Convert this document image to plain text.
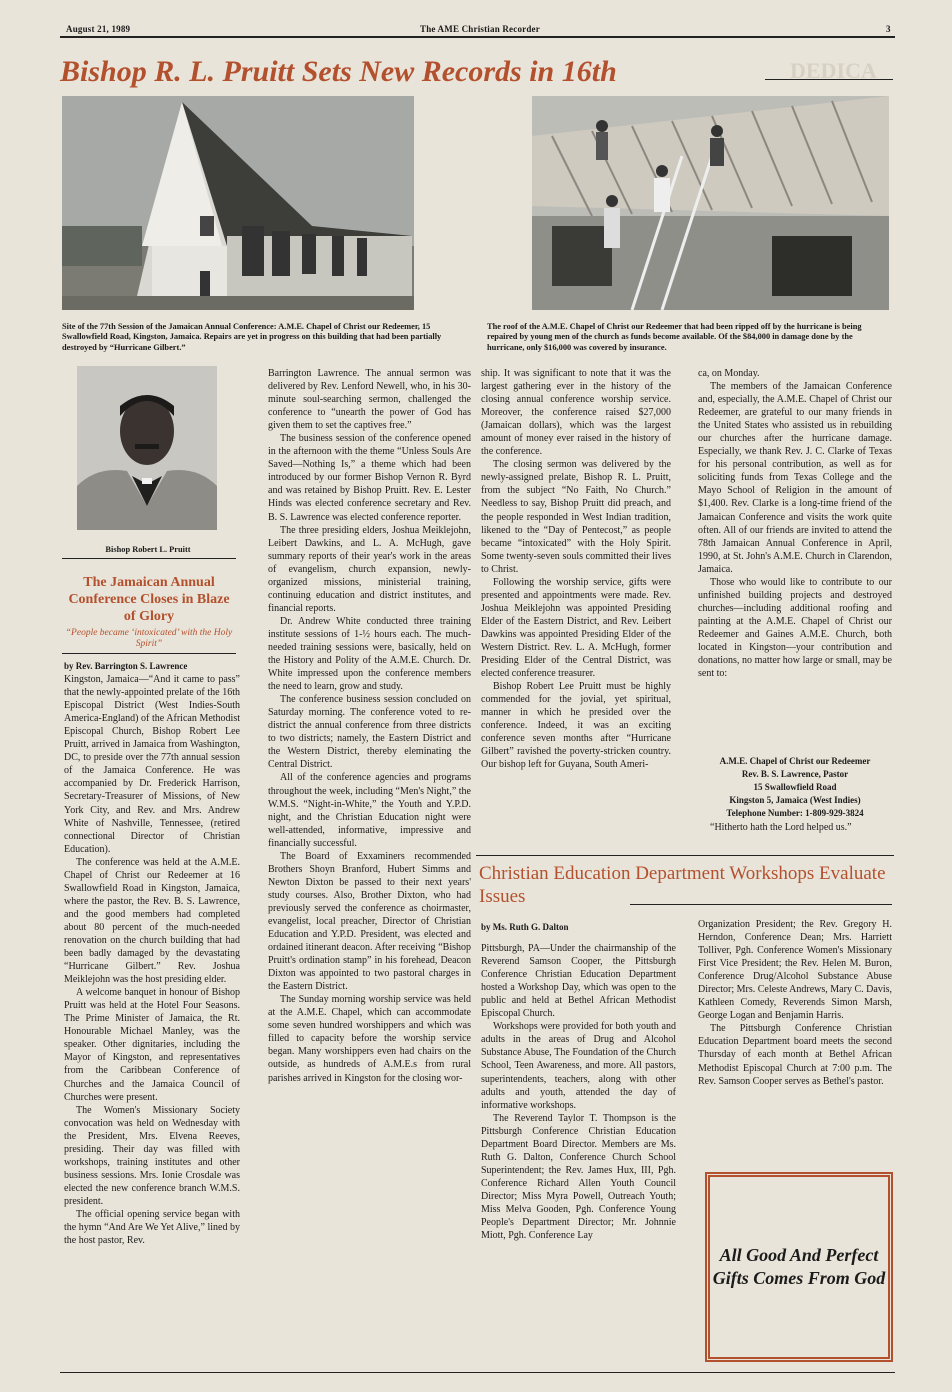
August 21, 1989	The AME Christian Recorder	3
Bishop R. L. Pruitt Sets New Records in 16th	DEDICA
Site of the 77th Session of the Jamaican Annual Conference: A.M.E. Chapel of Christ our Redeemer, 15 Swallowfield Road, Kingston, Jamaica. Repairs are yet in progress on this building that had been partially destroyed by “Hurricane Gilbert.”
The roof of the A.M.E. Chapel of Christ our Redeemer that had been ripped off by the hurricane is being repaired by young men of the church as funds become available. Of the $84,000 in damage done by the hurricane, only $16,000 was covered by insurance.
Bishop Robert L. Pruitt
The Jamaican Annual Conference Closes in Blaze of Glory
“People became ‘intoxicated’ with the Holy Spirit”

by Rev. Barrington S. Lawrence

Kingston, Jamaica—“And it came to pass” that the newly-appointed prelate of the 16th Episcopal District (West Indies-South America-England) of the African Methodist Episcopal Church, Bishop Robert Lee Pruitt, arrived in Jamaica from Washington, DC, to preside over the 77th annual session of the Jamaica Conference. He was accompanied by Dr. Frederick Harrison, Secretary-Treasurer of Missions, of New York City, and Rev. and Mrs. Andrew White of Nashville, Tennessee, (retired connectional Director of Christian Education).

The conference was held at the A.M.E. Chapel of Christ our Redeemer at 16 Swallowfield Road in Kingston, Jamaica, where the pastor, the Rev. B. S. Lawrence, and the good members had completed about 80 percent of the much-needed renovation on the church building that had been badly damaged by the devastating “Hurricane Gilbert.” Rev. Joshua Meiklejohn was the host presiding elder.

A welcome banquet in honour of Bishop Pruitt was held at the Hotel Four Seasons. The Prime Minister of Jamaica, the Rt. Honourable Michael Manley, was the speaker. Other dignitaries, including the Mayor of Kingston, and representatives from the Caribbean Conference of Churches and the Jamaica Council of Churches were present.

The Women's Missionary Society convocation was held on Wednesday with the President, Mrs. Elvena Reeves, presiding. Their day was filled with workshops, training institutes and other business sessions. Mrs. Ionie Crosdale was elected the new conference branch W.M.S. president.

The official opening service began with the hymn “And Are We Yet Alive,” lined by the host pastor, Rev.

Barrington Lawrence. The annual sermon was delivered by Rev. Lenford Newell, who, in his 30-minute soul-searching sermon, challenged the conference to “unearth the power of God has given them to set the captives free.”

The business session of the conference opened in the afternoon with the theme “Unless Souls Are Saved—Nothing Is,” a theme which had been introduced by our former Bishop Vernon R. Byrd and was retained by Bishop Pruitt. Rev. E. Lester Hinds was elected conference secretary and Rev. B. S. Lawrence was elected conference reporter.

The three presiding elders, Joshua Meiklejohn, Leibert Dawkins, and L. A. McHugh, gave summary reports of their year's work in the areas of evangelism, church expansion, newly-organized missions, ministerial training, continuing education and district institutes, and financial reports.

Dr. Andrew White conducted three training institute sessions of 1-½ hours each. The much-needed training sessions were, basically, held on the History and Polity of the A.M.E. Church. Dr. White impressed upon the conference members the need to learn, grow and study.

The conference business session concluded on Saturday morning. The conference voted to re-district the annual conference from three districts to two districts; namely, the Eastern District and the Western District, thereby eleminating the Central District.

All of the conference agencies and programs throughout the week, including “Men's Night,” the W.M.S. “Night-in-White,” the Youth and Y.P.D. night, and the Christian Education night were well-attended, informative, impressive and financially successful.

The Board of Exxaminers recommended Brothers Shoyn Branford, Hubert Simms and Newton Dixton be passed to their next years' study courses. Also, Brother Dixton, who had previously served the conference as choirmaster, evangelist, local preacher, Director of Christian Education and Y.P.D. President, was elected and ordained itinerant deacon. After receiving “Bishop Pruitt's ordination stamp” in his forehead, Deacon Dixton was appointed to two pastoral charges in the Eastern District.

The Sunday morning worship service was held at the A.M.E. Chapel, which can accommodate some seven hundred worshippers and which was filled to capacity before the worship service began. Many worshippers even had chairs on the outside, as hundreds of A.M.E.s from rural parishes arrived in Kingston for the closing wor-

ship. It was significant to note that it was the largest gathering ever in the history of the closing annual conference worship service. Moreover, the conference raised $27,000 (Jamaican dollars), which was the largest amount of money ever raised in the history of the conference.

The closing sermon was delivered by the newly-assigned prelate, Bishop R. L. Pruitt, from the subject “No Faith, No Church.” Needless to say, Bishop Pruitt did preach, and the people responded in West Indian tradition, likened to the “Day of Pentecost,” as people became “intoxicated” with the Holy Spirit. Some twenty-seven souls committed their lives to Christ.

Following the worship service, gifts were presented and appointments were made. Rev. Joshua Meiklejohn was appointed Presiding Elder of the Eastern District, and Rev. Leibert Dawkins was appointed Presiding Elder of the Western District. Rev. L. A. McHugh, former Presiding Elder of the Central District, was elected conference treasurer.

Bishop Robert Lee Pruitt must be highly commended for the jovial, yet spiritual, manner in which he presided over the conference. Indeed, it was an exciting conference seven months after “Hurricane Gilbert” ravished the poverty-stricken country. Our bishop left for Guyana, South Ameri-

ca, on Monday.

The members of the Jamaican Conference and, especially, the A.M.E. Chapel of Christ our Redeemer, are grateful to our many friends in the United States who assisted us in rebuilding our churches after the hurricane damage. Especially, we thank Rev. J. C. Clarke of Texas for his personal contribution, as well as for soliciting funds from Texas College and the Mayo School of Religion in the amount of $1,400. Rev. Clarke is a long-time friend of the Jamaican Conference and visits the work quite often. All of our friends are invited to attend the 78th Jamaican Annual Conference in April, 1990, at St. John's A.M.E. Church in Clarendon, Jamaica.

Those who would like to contribute to our unfinished building projects and destroyed churches—including additional roofing and painting at the A.M.E. Chapel of Christ our Redeemer and Gaines A.M.E. Church, both located in Kingston—your contribution and donations, no matter how large or small, may be sent to:

A.M.E. Chapel of Christ our Redeemer
Rev. B. S. Lawrence, Pastor
15 Swallowfield Road
Kingston 5, Jamaica (West Indies)
Telephone Number: 1-809-929-3824

“Hitherto hath the Lord helped us.”

Christian Education Department Workshops Evaluate Issues

by Ms. Ruth G. Dalton

Pittsburgh, PA—Under the chairmanship of the Reverend Samson Cooper, the Pittsburgh Conference Christian Education Department hosted a Workshop Day, which was open to the public and held at Bethel African Methodist Episcopal Church.

Workshops were provided for both youth and adults in the areas of Drug and Alcohol Substance Abuse, The Foundation of the Church School, Teen Awareness, and more. All pastors, superintendents, teachers, along with other adults and youth, attended the day of informative workshops.

The Reverend Taylor T. Thompson is the Pittsburgh Conference Christian Education Department Board Director. Members are Ms. Ruth G. Dalton, Conference Church School Superintendent; the Rev. James Hux, III, Pgh. Conference Richard Allen Youth Council Director; Miss Myra Powell, Outreach Youth; Miss Melva Gooden, Pgh. Conference Young People's Department Director; Mr. Johnnie Miott, Pgh. Conference Lay

Organization President; the Rev. Gregory H. Herndon, Conference Dean; Mrs. Harriett Tolliver, Pgh. Conference Women's Missionary First Vice President; the Rev. Helen M. Buron, Conference Drug/Alcohol Substance Abuse Director; Mrs. Celeste Andrews, Mary C. Davis, Kathleen Comedy, Reverends Simon Marsh, George Logan and Benjamin Harris.

The Pittsburgh Conference Christian Education Department board meets the second Thursday of each month at Bethel African Methodist Episcopal Church at 7:00 p.m. The Rev. Samson Cooper serves as Bethel's pastor.

All Good And Perfect Gifts Comes From God
